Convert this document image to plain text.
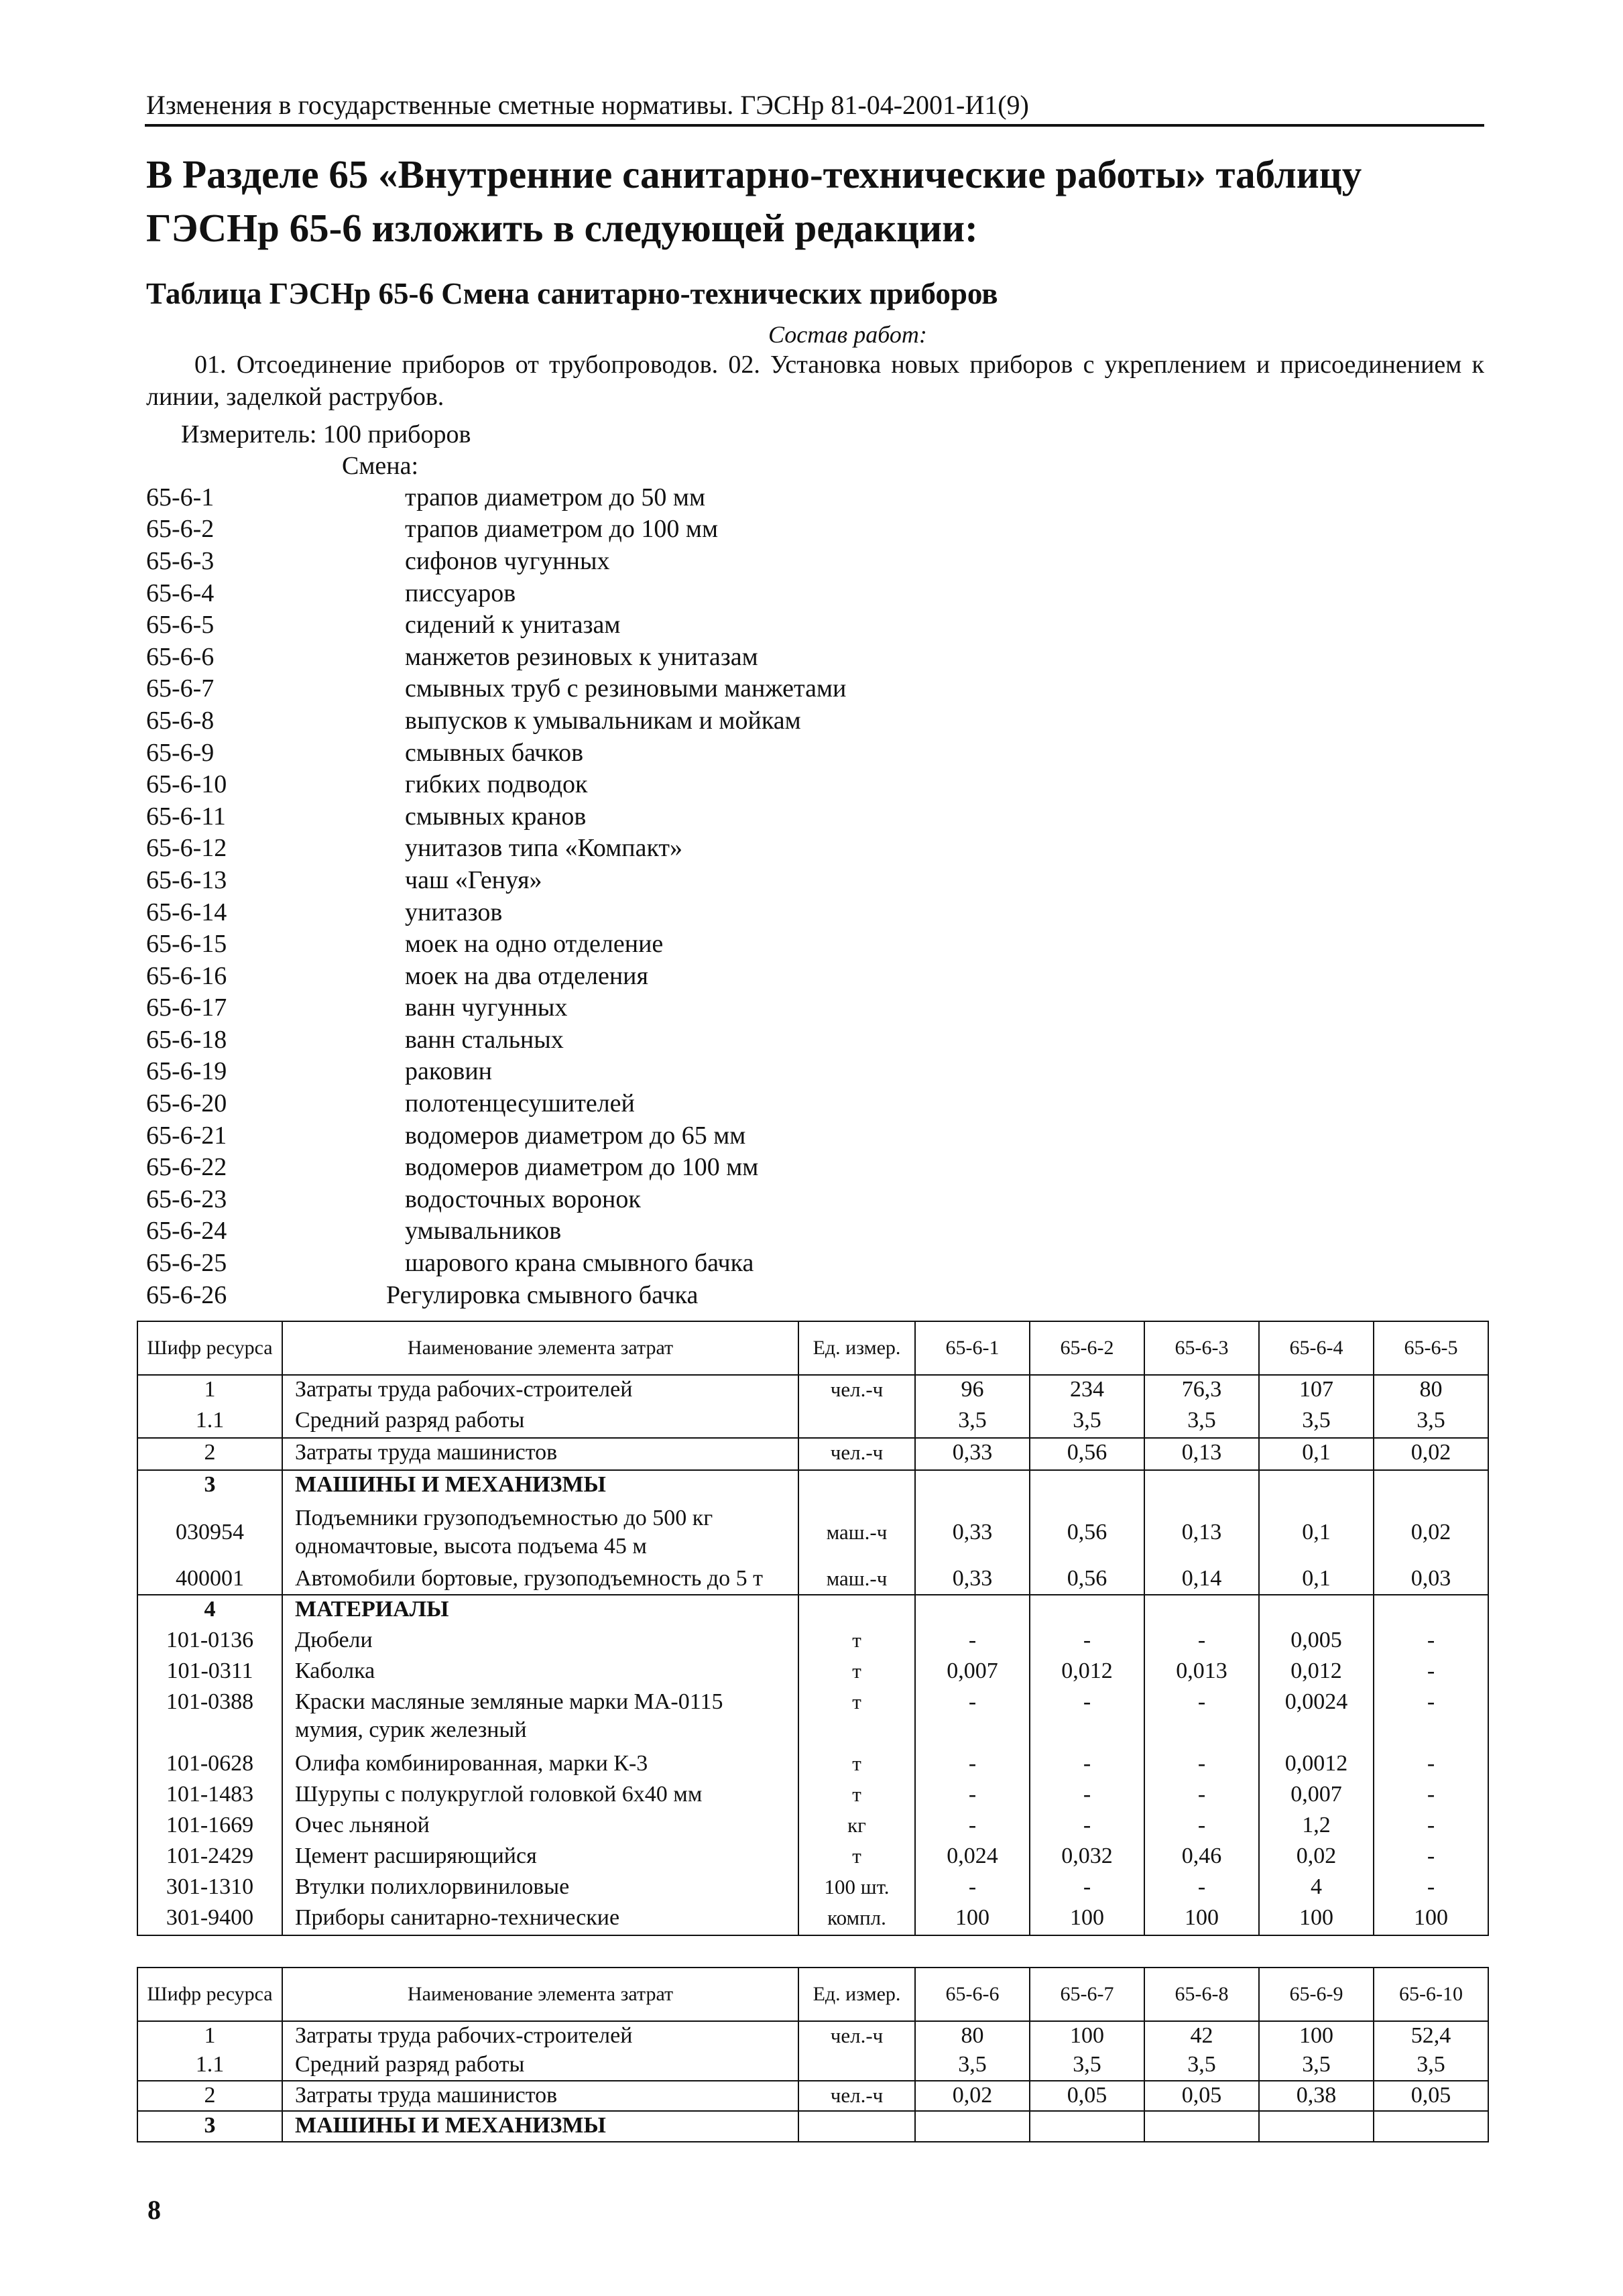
Изменения в государственные сметные нормативы. ГЭСНр 81-04-2001-И1(9)
В Разделе 65 «Внутренние санитарно-технические работы» таблицу ГЭСНр 65-6 изложить в следующей редакции:
Таблица ГЭСНр 65-6 Смена санитарно-технических приборов
Состав работ:
01. Отсоединение приборов от трубопроводов. 02. Установка новых приборов с укреплением и присоединением к линии, заделкой раструбов.
Измеритель: 100 приборов
Смена:
65-6-1	трапов диаметром до 50 мм
65-6-2	трапов диаметром до 100 мм
65-6-3	сифонов чугунных
65-6-4	писсуаров
65-6-5	сидений к унитазам
65-6-6	манжетов резиновых к унитазам
65-6-7	смывных труб с резиновыми манжетами
65-6-8	выпусков к умывальникам и мойкам
65-6-9	смывных бачков
65-6-10	гибких подводок
65-6-11	смывных кранов
65-6-12	унитазов типа «Компакт»
65-6-13	чаш «Генуя»
65-6-14	унитазов
65-6-15	моек на одно отделение
65-6-16	моек на два отделения
65-6-17	ванн чугунных
65-6-18	ванн стальных
65-6-19	раковин
65-6-20	полотенцесушителей
65-6-21	водомеров диаметром до 65 мм
65-6-22	водомеров диаметром до 100 мм
65-6-23	водосточных воронок
65-6-24	умывальников
65-6-25	шарового крана смывного бачка
65-6-26	Регулировка смывного бачка
Шифр ресурса	Наименование элемента затрат	Ед. измер.	65-6-1	65-6-2	65-6-3	65-6-4	65-6-5
1	Затраты труда рабочих-строителей	чел.-ч	96	234	76,3	107	80
1.1	Средний разряд работы		3,5	3,5	3,5	3,5	3,5
2	Затраты труда машинистов	чел.-ч	0,33	0,56	0,13	0,1	0,02
3	МАШИНЫ И МЕХАНИЗМЫ						
030954	Подъемники грузоподъемностью до 500 кг одномачтовые, высота подъема 45 м	маш.-ч	0,33	0,56	0,13	0,1	0,02
400001	Автомобили бортовые, грузоподъемность до 5 т	маш.-ч	0,33	0,56	0,14	0,1	0,03
4	МАТЕРИАЛЫ						
101-0136	Дюбели	т	-	-	-	0,005	-
101-0311	Каболка	т	0,007	0,012	0,013	0,012	-
101-0388	Краски масляные земляные марки МА-0115 мумия, сурик железный	т	-	-	-	0,0024	-
101-0628	Олифа комбинированная, марки К-3	т	-	-	-	0,0012	-
101-1483	Шурупы с полукруглой головкой 6х40 мм	т	-	-	-	0,007	-
101-1669	Очес льняной	кг	-	-	-	1,2	-
101-2429	Цемент расширяющийся	т	0,024	0,032	0,46	0,02	-
301-1310	Втулки полихлорвиниловые	100 шт.	-	-	-	4	-
301-9400	Приборы санитарно-технические	компл.	100	100	100	100	100
Шифр ресурса	Наименование элемента затрат	Ед. измер.	65-6-6	65-6-7	65-6-8	65-6-9	65-6-10
1	Затраты труда рабочих-строителей	чел.-ч	80	100	42	100	52,4
1.1	Средний разряд работы		3,5	3,5	3,5	3,5	3,5
2	Затраты труда машинистов	чел.-ч	0,02	0,05	0,05	0,38	0,05
3	МАШИНЫ И МЕХАНИЗМЫ						
8
